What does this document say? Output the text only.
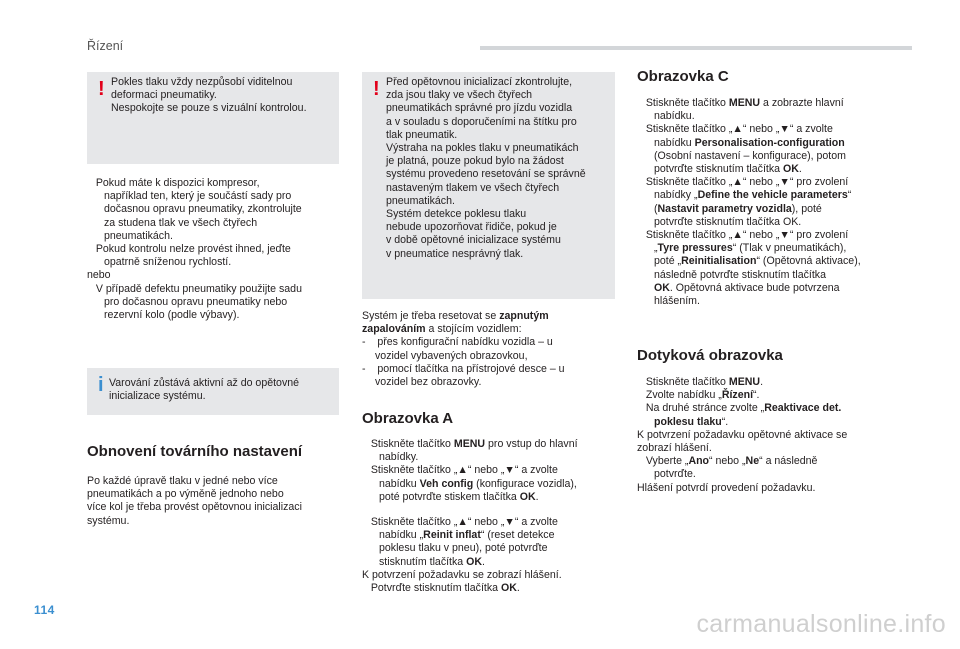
Řízení
! Pokles tlaku vždy nezpůsobí viditelnou
deformaci pneumatiky.
Nespokojte se pouze s vizuální kontrolou.
Pokud máte k dispozici kompresor,
například ten, který je součástí sady pro
dočasnou opravu pneumatiky, zkontrolujte
za studena tlak ve všech čtyřech
pneumatikách.
Pokud kontrolu nelze provést ihned, jeďte
opatrně sníženou rychlostí.
nebo
V případě defektu pneumatiky použijte sadu
pro dočasnou opravu pneumatiky nebo
rezervní kolo (podle výbavy).
i Varování zůstává aktivní až do opětovné
inicializace systému.
Obnovení továrního nastavení
Po každé úpravě tlaku v jedné nebo více
pneumatikách a po výměně jednoho nebo
více kol je třeba provést opětovnou inicializaci
systému.
! Před opětovnou inicializací zkontrolujte,
zda jsou tlaky ve všech čtyřech
pneumatikách správné pro jízdu vozidla
a v souladu s doporučeními na štítku pro
tlak pneumatik.
Výstraha na pokles tlaku v pneumatikách
je platná, pouze pokud bylo na žádost
systému provedeno resetování se správně
nastaveným tlakem ve všech čtyřech
pneumatikách.
Systém detekce poklesu tlaku
nebude upozorňovat řidiče, pokud je
v době opětovné inicializace systému
v pneumatice nesprávný tlak.
Systém je třeba resetovat se zapnutým
zapalováním a stojícím vozidlem:
-    přes konfigurační nabídku vozidla – u
vozidel vybavených obrazovkou,
-    pomocí tlačítka na přístrojové desce – u
vozidel bez obrazovky.
Obrazovka A
Stiskněte tlačítko MENU pro vstup do hlavní
nabídky.
Stiskněte tlačítko „▲“ nebo „▼“ a zvolte
nabídku Veh config (konfigurace vozidla),
poté potvrďte stiskem tlačítka OK.
Stiskněte tlačítko „▲“ nebo „▼“ a zvolte
nabídku „Reinit inflat“ (reset detekce
poklesu tlaku v pneu), poté potvrďte
stisknutím tlačítka OK.
K potvrzení požadavku se zobrazí hlášení.
Potvrďte stisknutím tlačítka OK.
Obrazovka C
Stiskněte tlačítko MENU a zobrazte hlavní
nabídku.
Stiskněte tlačítko „▲“ nebo „▼“ a zvolte
nabídku Personalisation-configuration
(Osobní nastavení – konfigurace), potom
potvrďte stisknutím tlačítka OK.
Stiskněte tlačítko „▲“ nebo „▼“ pro zvolení
nabídky „Define the vehicle parameters“
(Nastavit parametry vozidla), poté
potvrďte stisknutím tlačítka OK.
Stiskněte tlačítko „▲“ nebo „▼“ pro zvolení
„Tyre pressures“ (Tlak v pneumatikách),
poté „Reinitialisation“ (Opětovná aktivace),
následně potvrďte stisknutím tlačítka
OK. Opětovná aktivace bude potvrzena
hlášením.
Dotyková obrazovka
Stiskněte tlačítko MENU.
Zvolte nabídku „Řízení“.
Na druhé stránce zvolte „Reaktivace det.
poklesu tlaku“.
K potvrzení požadavku opětovné aktivace se
zobrazí hlášení.
Vyberte „Ano“ nebo „Ne“ a následně
potvrďte.
Hlášení potvrdí provedení požadavku.
114	carmanualsonline.info
